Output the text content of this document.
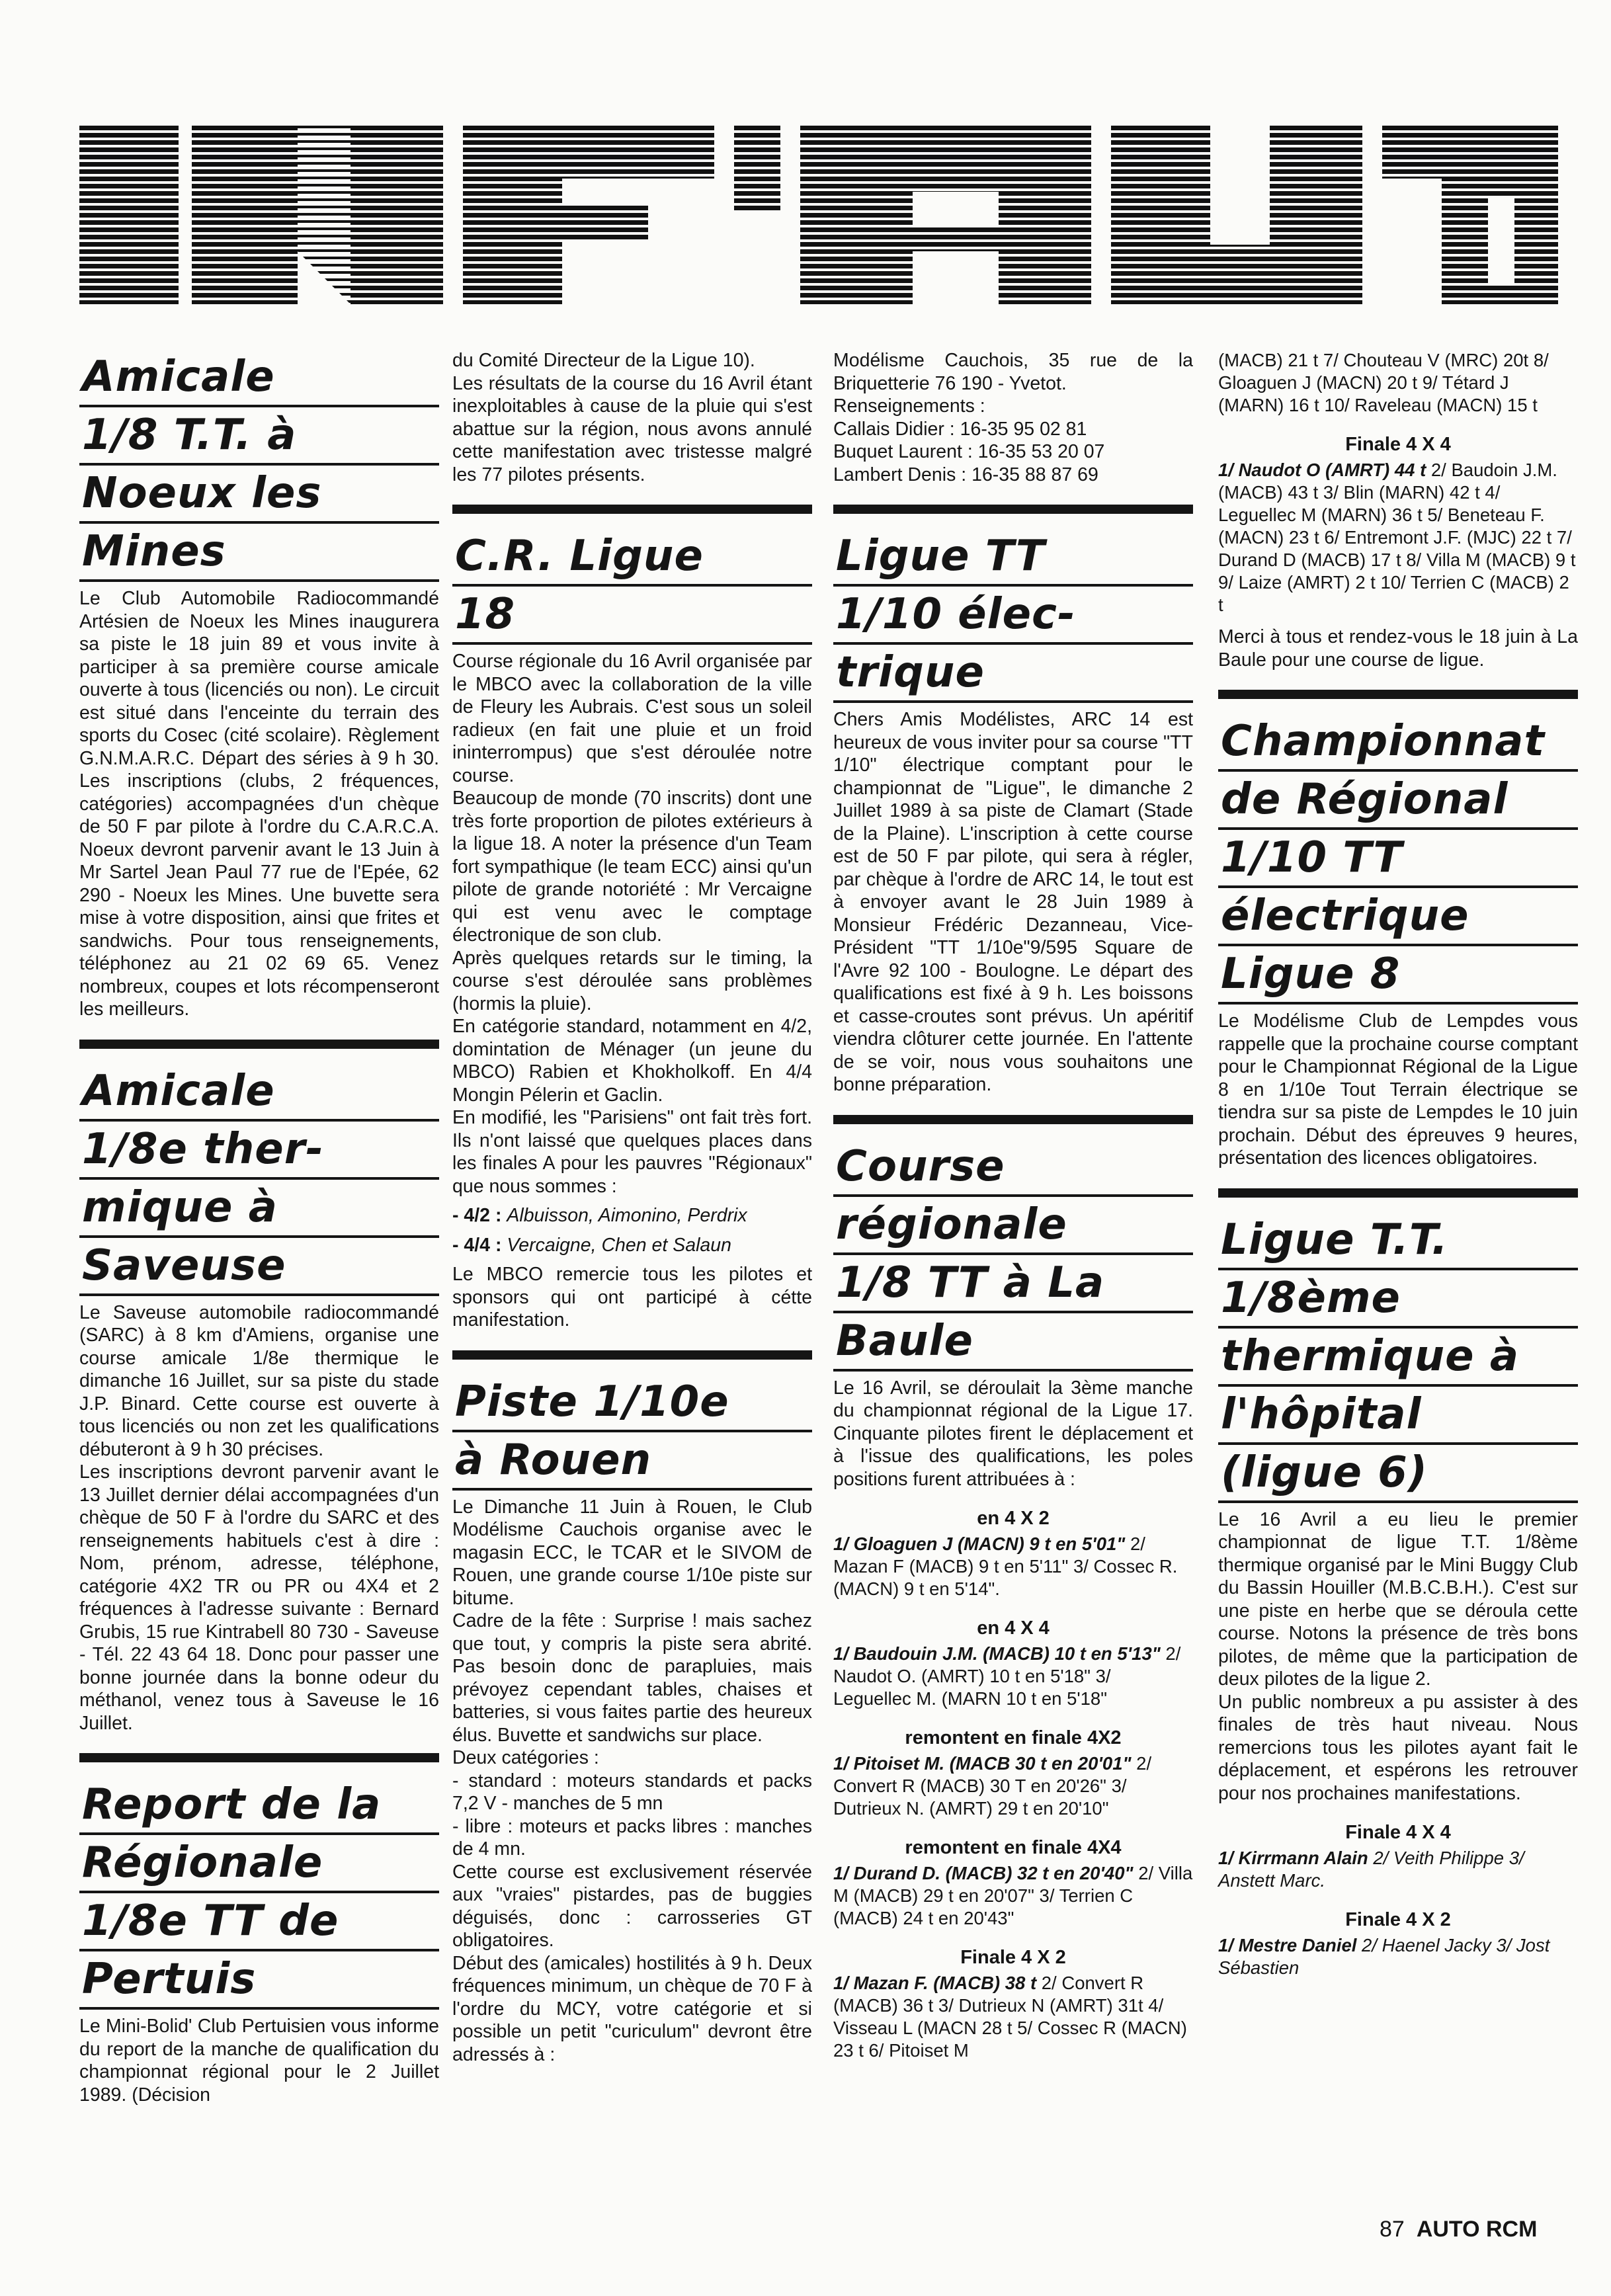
Amicale
1/8 T.T. à
Noeux les
Mines

Le Club Automobile Radiocommandé Artésien de Noeux les Mines inaugurera sa piste le 18 juin 89 et vous invite à participer à sa première course amicale ouverte à tous (licenciés ou non). Le circuit est situé dans l'enceinte du terrain des sports du Cosec (cité scolaire). Règlement G.N.M.A.R.C. Départ des séries à 9 h 30. Les inscriptions (clubs, 2 fréquences, catégories) accompagnées d'un chèque de 50 F par pilote à l'ordre du C.A.R.C.A. Noeux devront parvenir avant le 13 Juin à Mr Sartel Jean Paul 77 rue de l'Epée, 62 290 - Noeux les Mines. Une buvette sera mise à votre disposition, ainsi que frites et sandwichs. Pour tous renseignements, téléphonez au 21 02 69 65. Venez nombreux, coupes et lots récompenseront les meilleurs.

Amicale
1/8e ther-
mique à
Saveuse

Le Saveuse automobile radiocommandé (SARC) à 8 km d'Amiens, organise une course amicale 1/8e thermique le dimanche 16 Juillet, sur sa piste du stade J.P. Binard. Cette course est ouverte à tous licenciés ou non zet les qualifications débuteront à 9 h 30 précises.
Les inscriptions devront parvenir avant le 13 Juillet dernier délai accompagnées d'un chèque de 50 F à l'ordre du SARC et des renseignements habituels c'est à dire : Nom, prénom, adresse, téléphone, catégorie 4X2 TR ou PR ou 4X4 et 2 fréquences à l'adresse suivante : Bernard Grubis, 15 rue Kintrabell 80 730 - Saveuse - Tél. 22 43 64 18. Donc pour passer une bonne journée dans la bonne odeur du méthanol, venez tous à Saveuse le 16 Juillet.

Report de la
Régionale
1/8e TT de
Pertuis

Le Mini-Bolid' Club Pertuisien vous informe du report de la manche de qualification du championnat régional pour le 2 Juillet 1989. (Décision

du Comité Directeur de la Ligue 10).
Les résultats de la course du 16 Avril étant inexploitables à cause de la pluie qui s'est abattue sur la région, nous avons annulé cette manifestation avec tristesse malgré les 77 pilotes présents.

C.R. Ligue
18

Course régionale du 16 Avril organisée par le MBCO avec la collaboration de la ville de Fleury les Aubrais. C'est sous un soleil radieux (en fait une pluie et un froid ininterrompus) que s'est déroulée notre course.
Beaucoup de monde (70 inscrits) dont une très forte proportion de pilotes extérieurs à la ligue 18. A noter la présence d'un Team fort sympathique (le team ECC) ainsi qu'un pilote de grande notoriété : Mr Vercaigne qui est venu avec le comptage électronique de son club.
Après quelques retards sur le timing, la course s'est déroulée sans problèmes (hormis la pluie).
En catégorie standard, notamment en 4/2, domintation de Ménager (un jeune du MBCO) Rabien et Khokholkoff. En 4/4 Mongin Pélerin et Gaclin.
En modifié, les "Parisiens" ont fait très fort. Ils n'ont laissé que quelques places dans les finales A pour les pauvres "Régionaux" que nous sommes :

- 4/2 : Albuisson, Aimonino, Perdrix

- 4/4 : Vercaigne, Chen et Salaun

Le MBCO remercie tous les pilotes et sponsors qui ont participé à cétte manifestation.

Piste 1/10e
à Rouen

Le Dimanche 11 Juin à Rouen, le Club Modélisme Cauchois organise avec le magasin ECC, le TCAR et le SIVOM de Rouen, une grande course 1/10e piste sur bitume.
Cadre de la fête : Surprise ! mais sachez que tout, y compris la piste sera abrité. Pas besoin donc de parapluies, mais prévoyez cependant tables, chaises et batteries, si vous faites partie des heureux élus. Buvette et sandwichs sur place.
Deux catégories :
- standard : moteurs standards et packs 7,2 V - manches de 5 mn
- libre : moteurs et packs libres : manches de 4 mn.
Cette course est exclusivement réservée aux "vraies" pistardes, pas de buggies déguisés, donc : carrosseries GT obligatoires.
Début des (amicales) hostilités à 9 h. Deux fréquences minimum, un chèque de 70 F à l'ordre du MCY, votre catégorie et si possible un petit "curiculum" devront être adressés à :

Modélisme Cauchois, 35 rue de la Briquetterie 76 190 - Yvetot.
Renseignements :
Callais Didier : 16-35 95 02 81
Buquet Laurent : 16-35 53 20 07
Lambert Denis : 16-35 88 87 69

Ligue TT
1/10 élec-
trique

Chers Amis Modélistes, ARC 14 est heureux de vous inviter pour sa course "TT 1/10" électrique comptant pour le championnat de "Ligue", le dimanche 2 Juillet 1989 à sa piste de Clamart (Stade de la Plaine). L'inscription à cette course est de 50 F par pilote, qui sera à régler, par chèque à l'ordre de ARC 14, le tout est à envoyer avant le 28 Juin 1989 à Monsieur Frédéric Dezanneau, Vice-Président "TT 1/10e"9/595 Square de l'Avre 92 100 - Boulogne. Le départ des qualifications est fixé à 9 h. Les boissons et casse-croutes sont prévus. Un apéritif viendra clôturer cette journée. En l'attente de se voir, nous vous souhaitons une bonne préparation.

Course
régionale
1/8 TT à La
Baule

Le 16 Avril, se déroulait la 3ème manche du championnat régional de la Ligue 17. Cinquante pilotes firent le déplacement et à l'issue des qualifications, les poles positions furent attribuées à :

en 4 X 2

1/ Gloaguen J (MACN) 9 t en 5'01" 2/ Mazan F (MACB) 9 t en 5'11" 3/ Cossec R. (MACN) 9 t en 5'14".

en 4 X 4

1/ Baudouin J.M. (MACB) 10 t en 5'13" 2/ Naudot O. (AMRT) 10 t en 5'18" 3/ Leguellec M. (MARN 10 t en 5'18"

remontent en finale 4X2

1/ Pitoiset M. (MACB 30 t en 20'01" 2/ Convert R (MACB) 30 T en 20'26" 3/ Dutrieux N. (AMRT) 29 t en 20'10"

remontent en finale 4X4

1/ Durand D. (MACB) 32 t en 20'40" 2/ Villa M (MACB) 29 t en 20'07" 3/ Terrien C (MACB) 24 t en 20'43"

Finale 4 X 2

1/ Mazan F. (MACB) 38 t 2/ Convert R (MACB) 36 t 3/ Dutrieux N (AMRT) 31t 4/ Visseau L (MACN 28 t 5/ Cossec R (MACN) 23 t 6/ Pitoiset M

(MACB) 21 t 7/ Chouteau V (MRC) 20t 8/ Gloaguen J (MACN) 20 t 9/ Tétard J (MARN) 16 t 10/ Raveleau (MACN) 15 t

Finale 4 X 4

1/ Naudot O (AMRT) 44 t 2/ Baudoin J.M. (MACB) 43 t 3/ Blin (MARN) 42 t 4/ Leguellec M (MARN) 36 t 5/ Beneteau F. (MACN) 23 t 6/ Entremont J.F. (MJC) 22 t 7/ Durand D (MACB) 17 t 8/ Villa M (MACB) 9 t 9/ Laize (AMRT) 2 t 10/ Terrien C (MACB) 2 t

Merci à tous et rendez-vous le 18 juin à La Baule pour une course de ligue.

Championnat
de Régional
1/10 TT
électrique
Ligue 8

Le Modélisme Club de Lempdes vous rappelle que la prochaine course comptant pour le Championnat Régional de la Ligue 8 en 1/10e Tout Terrain électrique se tiendra sur sa piste de Lempdes le 10 juin prochain. Début des épreuves 9 heures, présentation des licences obligatoires.

Ligue T.T.
1/8ème
thermique à
l'hôpital
(ligue 6)

Le 16 Avril a eu lieu le premier championnat de ligue T.T. 1/8ème thermique organisé par le Mini Buggy Club du Bassin Houiller (M.B.C.B.H.). C'est sur une piste en herbe que se déroula cette course. Notons la présence de très bons pilotes, de même que la participation de deux pilotes de la ligue 2.
Un public nombreux a pu assister à des finales de très haut niveau. Nous remercions tous les pilotes ayant fait le déplacement, et espérons les retrouver pour nos prochaines manifestations.

Finale 4 X 4

1/ Kirrmann Alain 2/ Veith Philippe 3/ Anstett Marc.

Finale 4 X 2

1/ Mestre Daniel 2/ Haenel Jacky 3/ Jost Sébastien

87 AUTO RCM
